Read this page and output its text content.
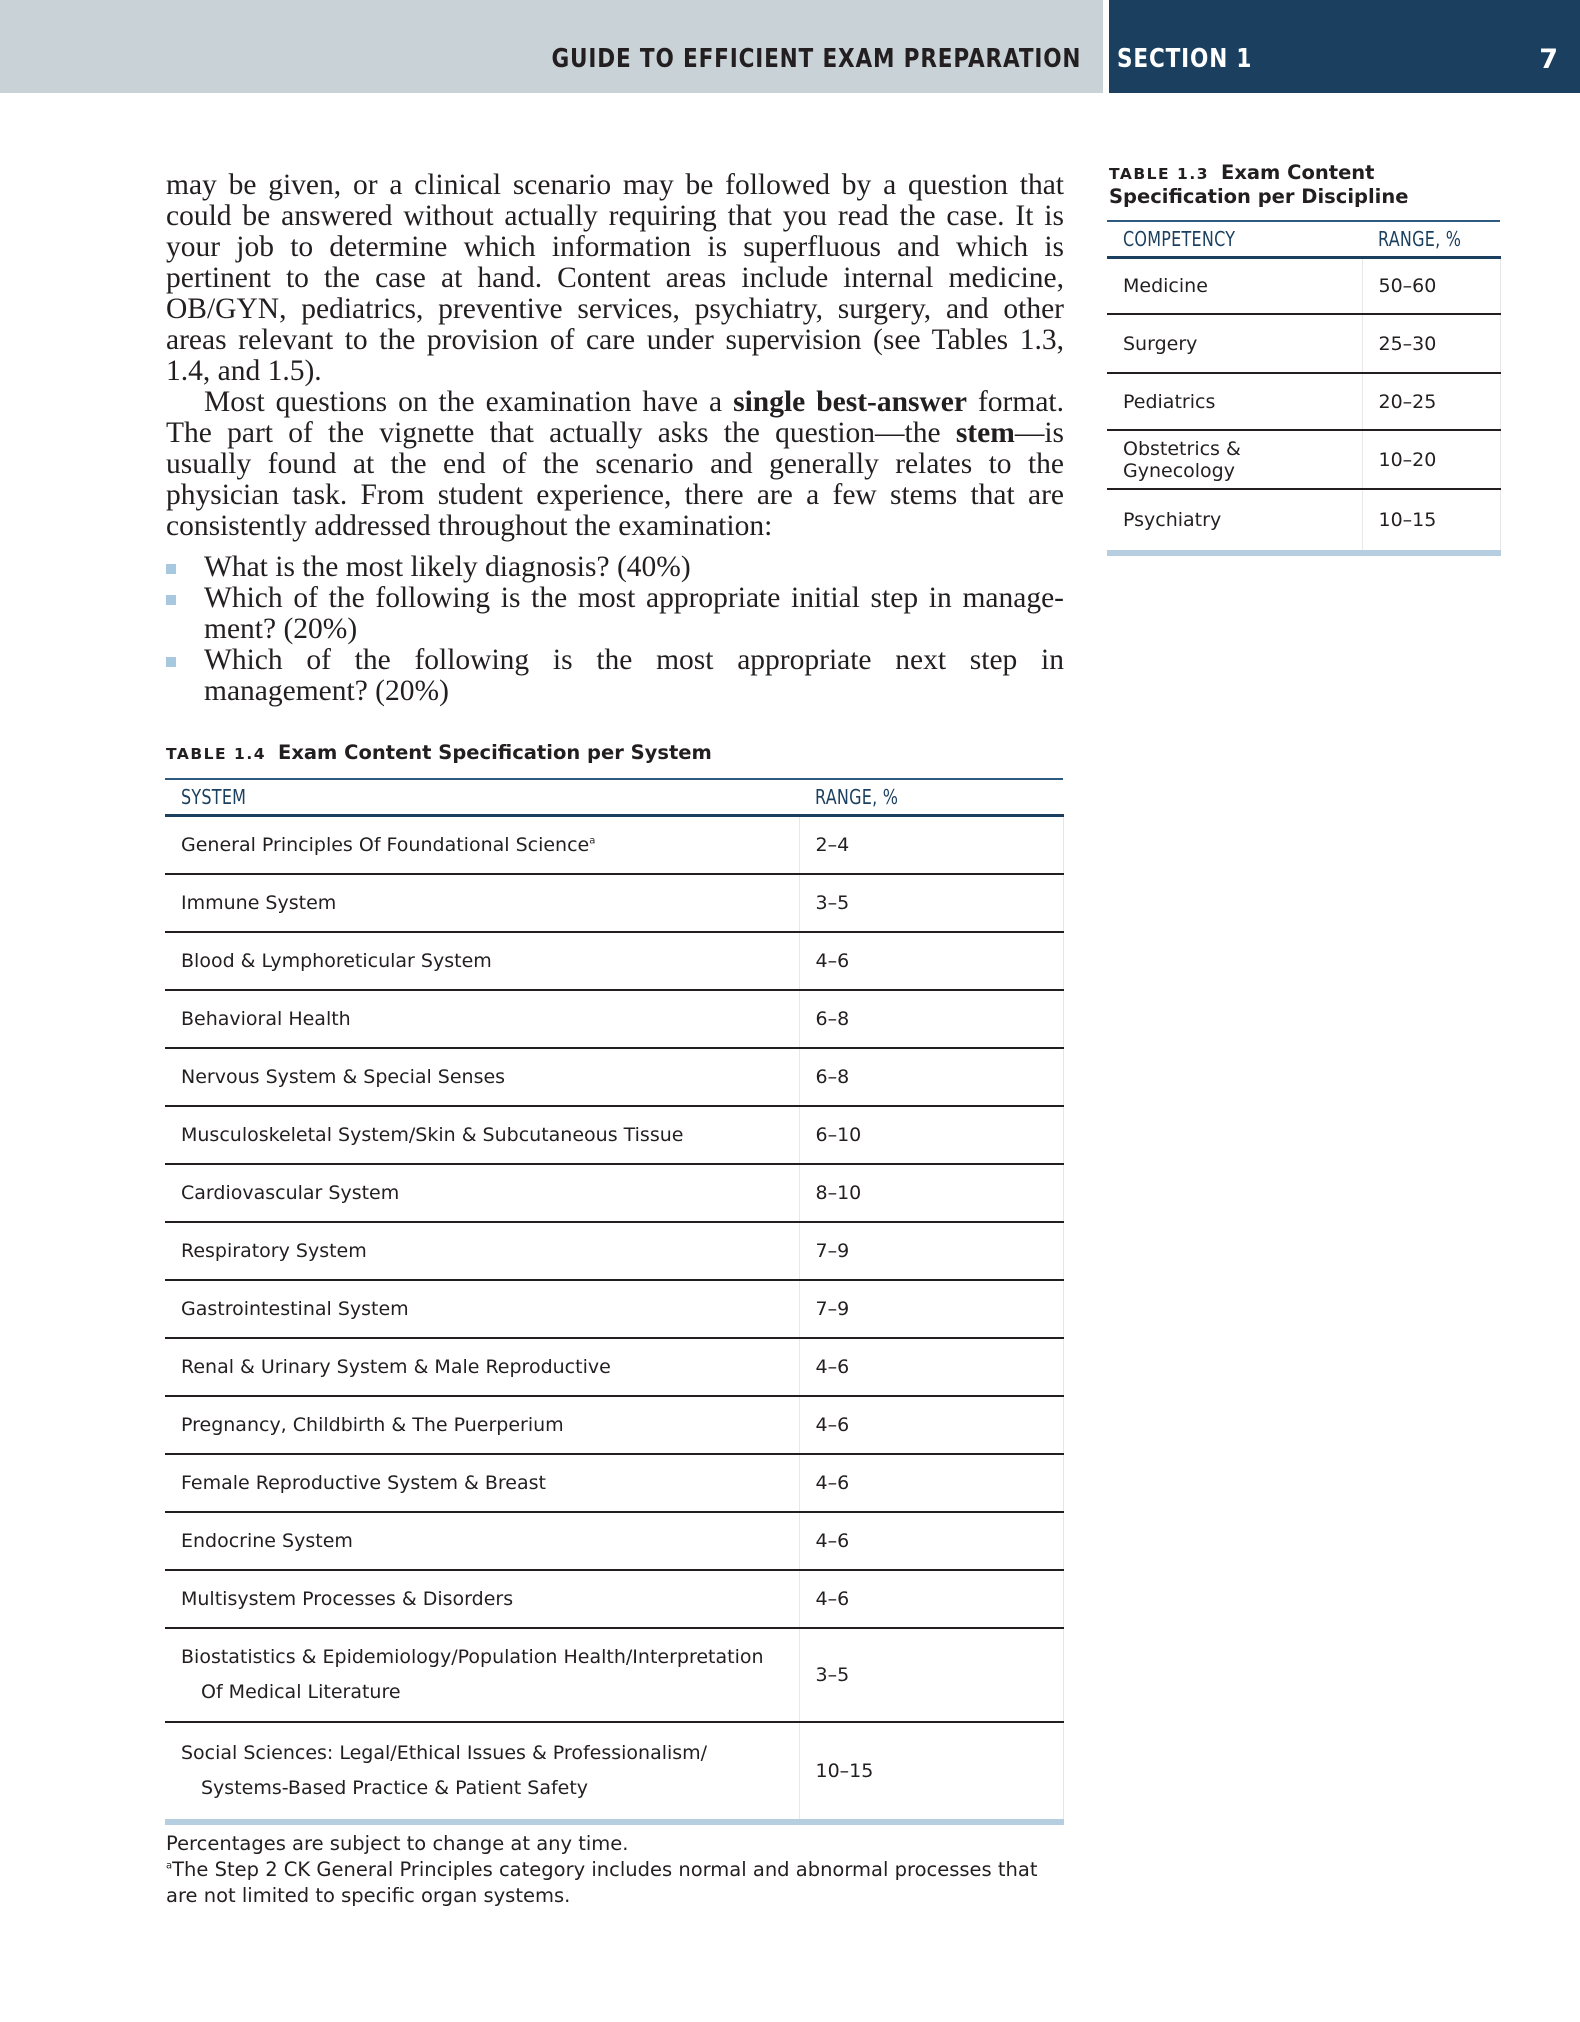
GUIDE TO EFFICIENT EXAM PREPARATION SECTION 1	7

may be given, or a clinical scenario may be followed by a question that could be answered without actually requiring that you read the case. It is your job to determine which information is superfluous and which is pertinent to the case at hand. Content areas include internal medicine, OB/GYN, pediatrics, preventive services, psychiatry, surgery, and other areas relevant to the provision of care under supervision (see Tables 1.3, 1.4, and 1.5).

Most questions on the examination have a single best-answer format. The part of the vignette that actually asks the question—the stem—is usually found at the end of the scenario and generally relates to the physician task. From student experience, there are a few stems that are consistently addressed throughout the examination:

What is the most likely diagnosis? (40%)
Which of the following is the most appropriate initial step in management? (20%)
Which of the following is the most appropriate next step in management? (20%)
TABLE 1.3 Exam Content Specification per Discipline
COMPETENCY	RANGE, %
Medicine	50–60
Surgery	25–30
Pediatrics	20–25
Obstetrics & Gynecology	10–20
Psychiatry	10–15
TABLE 1.4 Exam Content Specification per System
SYSTEM	RANGE, %
General Principles Of Foundational Science$^a$	2–4
Immune System	3–5
Blood & Lymphoreticular System	4–6
Behavioral Health	6–8
Nervous System & Special Senses	6–8
Musculoskeletal System/Skin & Subcutaneous Tissue	6–10
Cardiovascular System	8–10
Respiratory System	7–9
Gastrointestinal System	7–9
Renal & Urinary System & Male Reproductive	4–6
Pregnancy, Childbirth & The Puerperium	4–6
Female Reproductive System & Breast	4–6
Endocrine System	4–6
Multisystem Processes & Disorders	4–6
Biostatistics & Epidemiology/Population Health/Interpretation
Of Medical Literature	3–5
Social Sciences: Legal/Ethical Issues & Professionalism/
Systems-Based Practice & Patient Safety	10–15

Percentages are subject to change at any time.

$^a$The Step 2 CK General Principles category includes normal and abnormal processes that are not limited to specific organ systems.
